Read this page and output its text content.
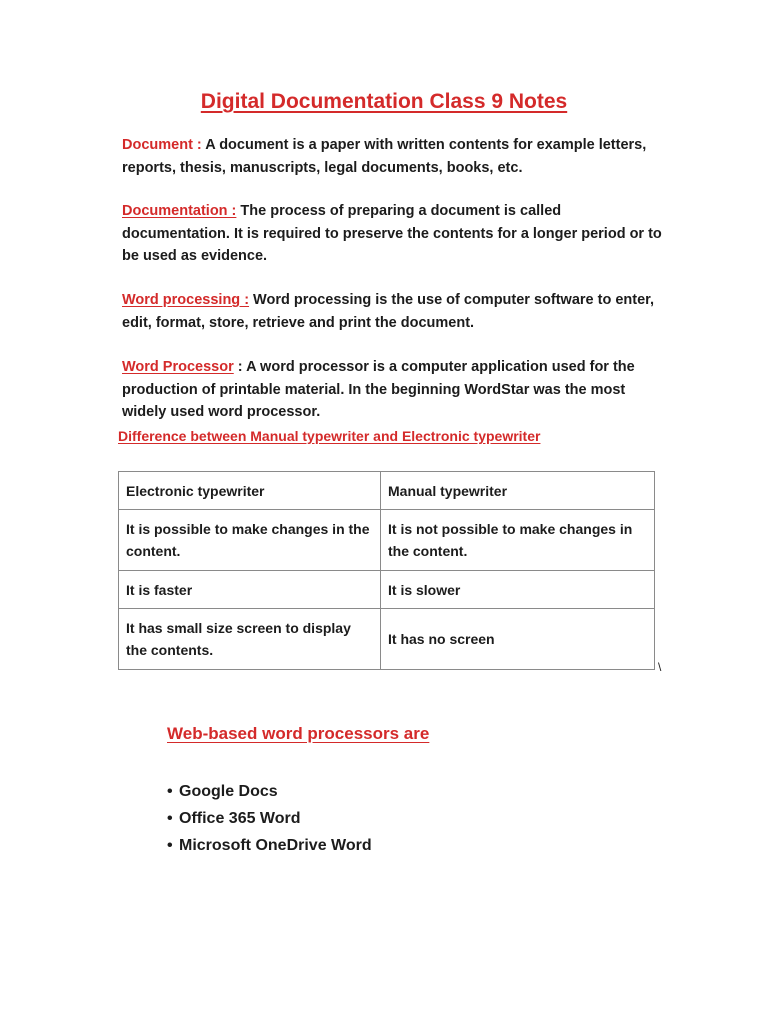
Digital Documentation Class 9 Notes
Document : A document is a paper with written contents for example letters, reports, thesis, manuscripts, legal documents, books, etc.
Documentation : The process of preparing a document is called documentation. It is required to preserve the contents for a longer period or to be used as evidence.
Word processing : Word processing is the use of computer software to enter, edit, format, store, retrieve and print the document.
Word Processor : A word processor is a computer application used for the production of printable material. In the beginning WordStar was the most widely used word processor.
Difference between Manual typewriter and Electronic typewriter
Electronic typewriter	Manual typewriter
It is possible to make changes in the content.	It is not possible to make changes in the content.
It is faster	It is slower
It has small size screen to display the contents.	It has no screen
\
Web-based word processors are
• Google Docs
• Office 365 Word
• Microsoft OneDrive Word
